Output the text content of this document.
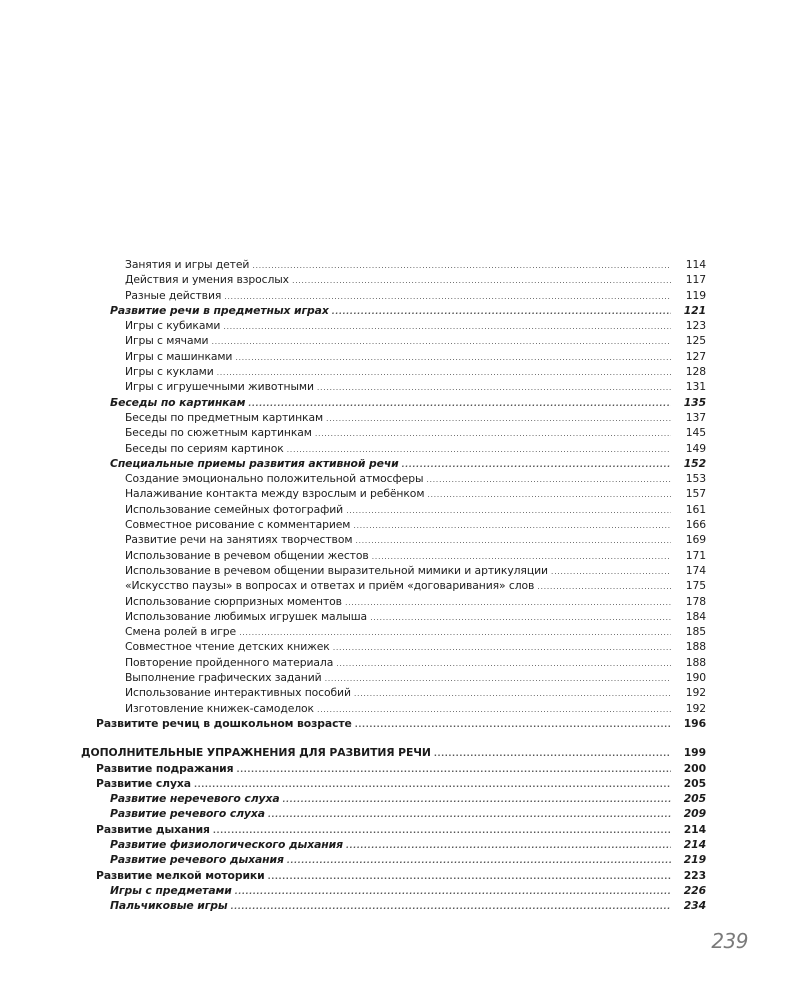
Занятия и игры детей .....	114
Действия и умения взрослых .....	117
Разные действия .....	119
Развитие речи в предметных играх .....	121
Игры с кубиками .....	123
Игры с мячами .....	125
Игры с машинками .....	127
Игры с куклами .....	128
Игры с игрушечными животными .....	131
Беседы по картинкам .....	135
Беседы по предметным картинкам .....	137
Беседы по сюжетным картинкам .....	145
Беседы по сериям картинок .....	149
Специальные приемы развития активной речи .....	152
Создание эмоционально положительной атмосферы .....	153
Налаживание контакта между взрослым и ребёнком .....	157
Использование семейных фотографий .....	161
Совместное рисование с комментарием .....	166
Развитие речи на занятиях творчеством .....	169
Использование в речевом общении жестов .....	171
Использование в речевом общении выразительной мимики и артикуляции .....	174
«Искусство паузы» в вопросах и ответах и приём «договаривания» слов .....	175
Использование сюрпризных моментов .....	178
Использование любимых игрушек малыша .....	184
Смена ролей в игре .....	185
Совместное чтение детских книжек .....	188
Повторение пройденного материала .....	188
Выполнение графических заданий .....	190
Использование интерактивных пособий .....	192
Изготовление книжек-самоделок .....	192
Развитите речиц в дошкольном возрасте .....	196
ДОПОЛНИТЕЛЬНЫЕ УПРАЖНЕНИЯ ДЛЯ РАЗВИТИЯ РЕЧИ .....	199
Развитие подражания .....	200
Развитие слуха .....	205
Развитие неречевого слуха .....	205
Развитие речевого слуха .....	209
Развитие дыхания .....	214
Развитие физиологического дыхания .....	214
Развитие речевого дыхания .....	219
Развитие мелкой моторики .....	223
Игры с предметами .....	226
Пальчиковые игры .....	234
239
